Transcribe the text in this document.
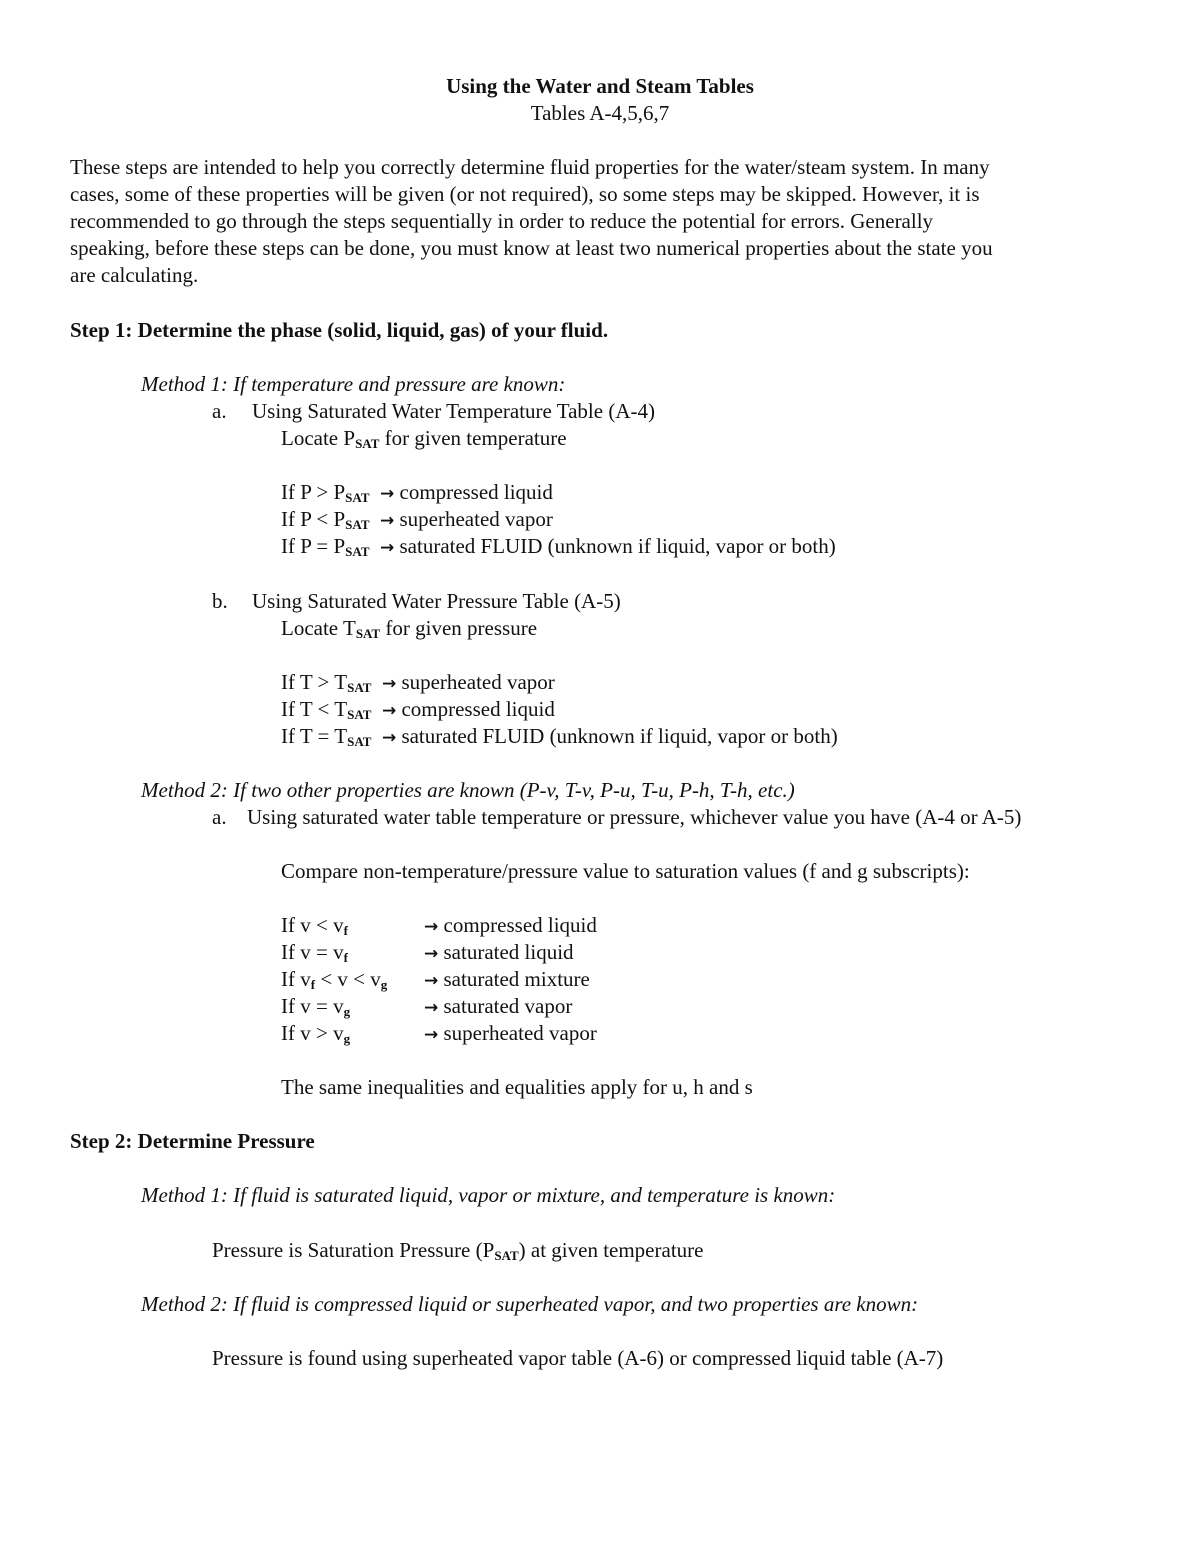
Using the Water and Steam Tables
Tables A-4,5,6,7
These steps are intended to help you correctly determine fluid properties for the water/steam system. In many
cases, some of these properties will be given (or not required), so some steps may be skipped. However, it is
recommended to go through the steps sequentially in order to reduce the potential for errors. Generally
speaking, before these steps can be done, you must know at least two numerical properties about the state you
are calculating.
Step 1: Determine the phase (solid, liquid, gas) of your fluid.
Method 1: If temperature and pressure are known:
a. Using Saturated Water Temperature Table (A-4)
Locate PSAT for given temperature
If P > PSAT → compressed liquid
If P < PSAT → superheated vapor
If P = PSAT → saturated FLUID (unknown if liquid, vapor or both)
b. Using Saturated Water Pressure Table (A-5)
Locate TSAT for given pressure
If T > TSAT → superheated vapor
If T < TSAT → compressed liquid
If T = TSAT → saturated FLUID (unknown if liquid, vapor or both)
Method 2: If two other properties are known (P-v, T-v, P-u, T-u, P-h, T-h, etc.)
a. Using saturated water table temperature or pressure, whichever value you have (A-4 or A-5)
Compare non-temperature/pressure value to saturation values (f and g subscripts):
If v < vf	→ compressed liquid
If v = vf	→ saturated liquid
If vf < v < vg → saturated mixture
If v = vg	→ saturated vapor
If v > vg	→ superheated vapor
The same inequalities and equalities apply for u, h and s
Step 2: Determine Pressure
Method 1: If fluid is saturated liquid, vapor or mixture, and temperature is known:
Pressure is Saturation Pressure (PSAT) at given temperature
Method 2: If fluid is compressed liquid or superheated vapor, and two properties are known:
Pressure is found using superheated vapor table (A-6) or compressed liquid table (A-7)
